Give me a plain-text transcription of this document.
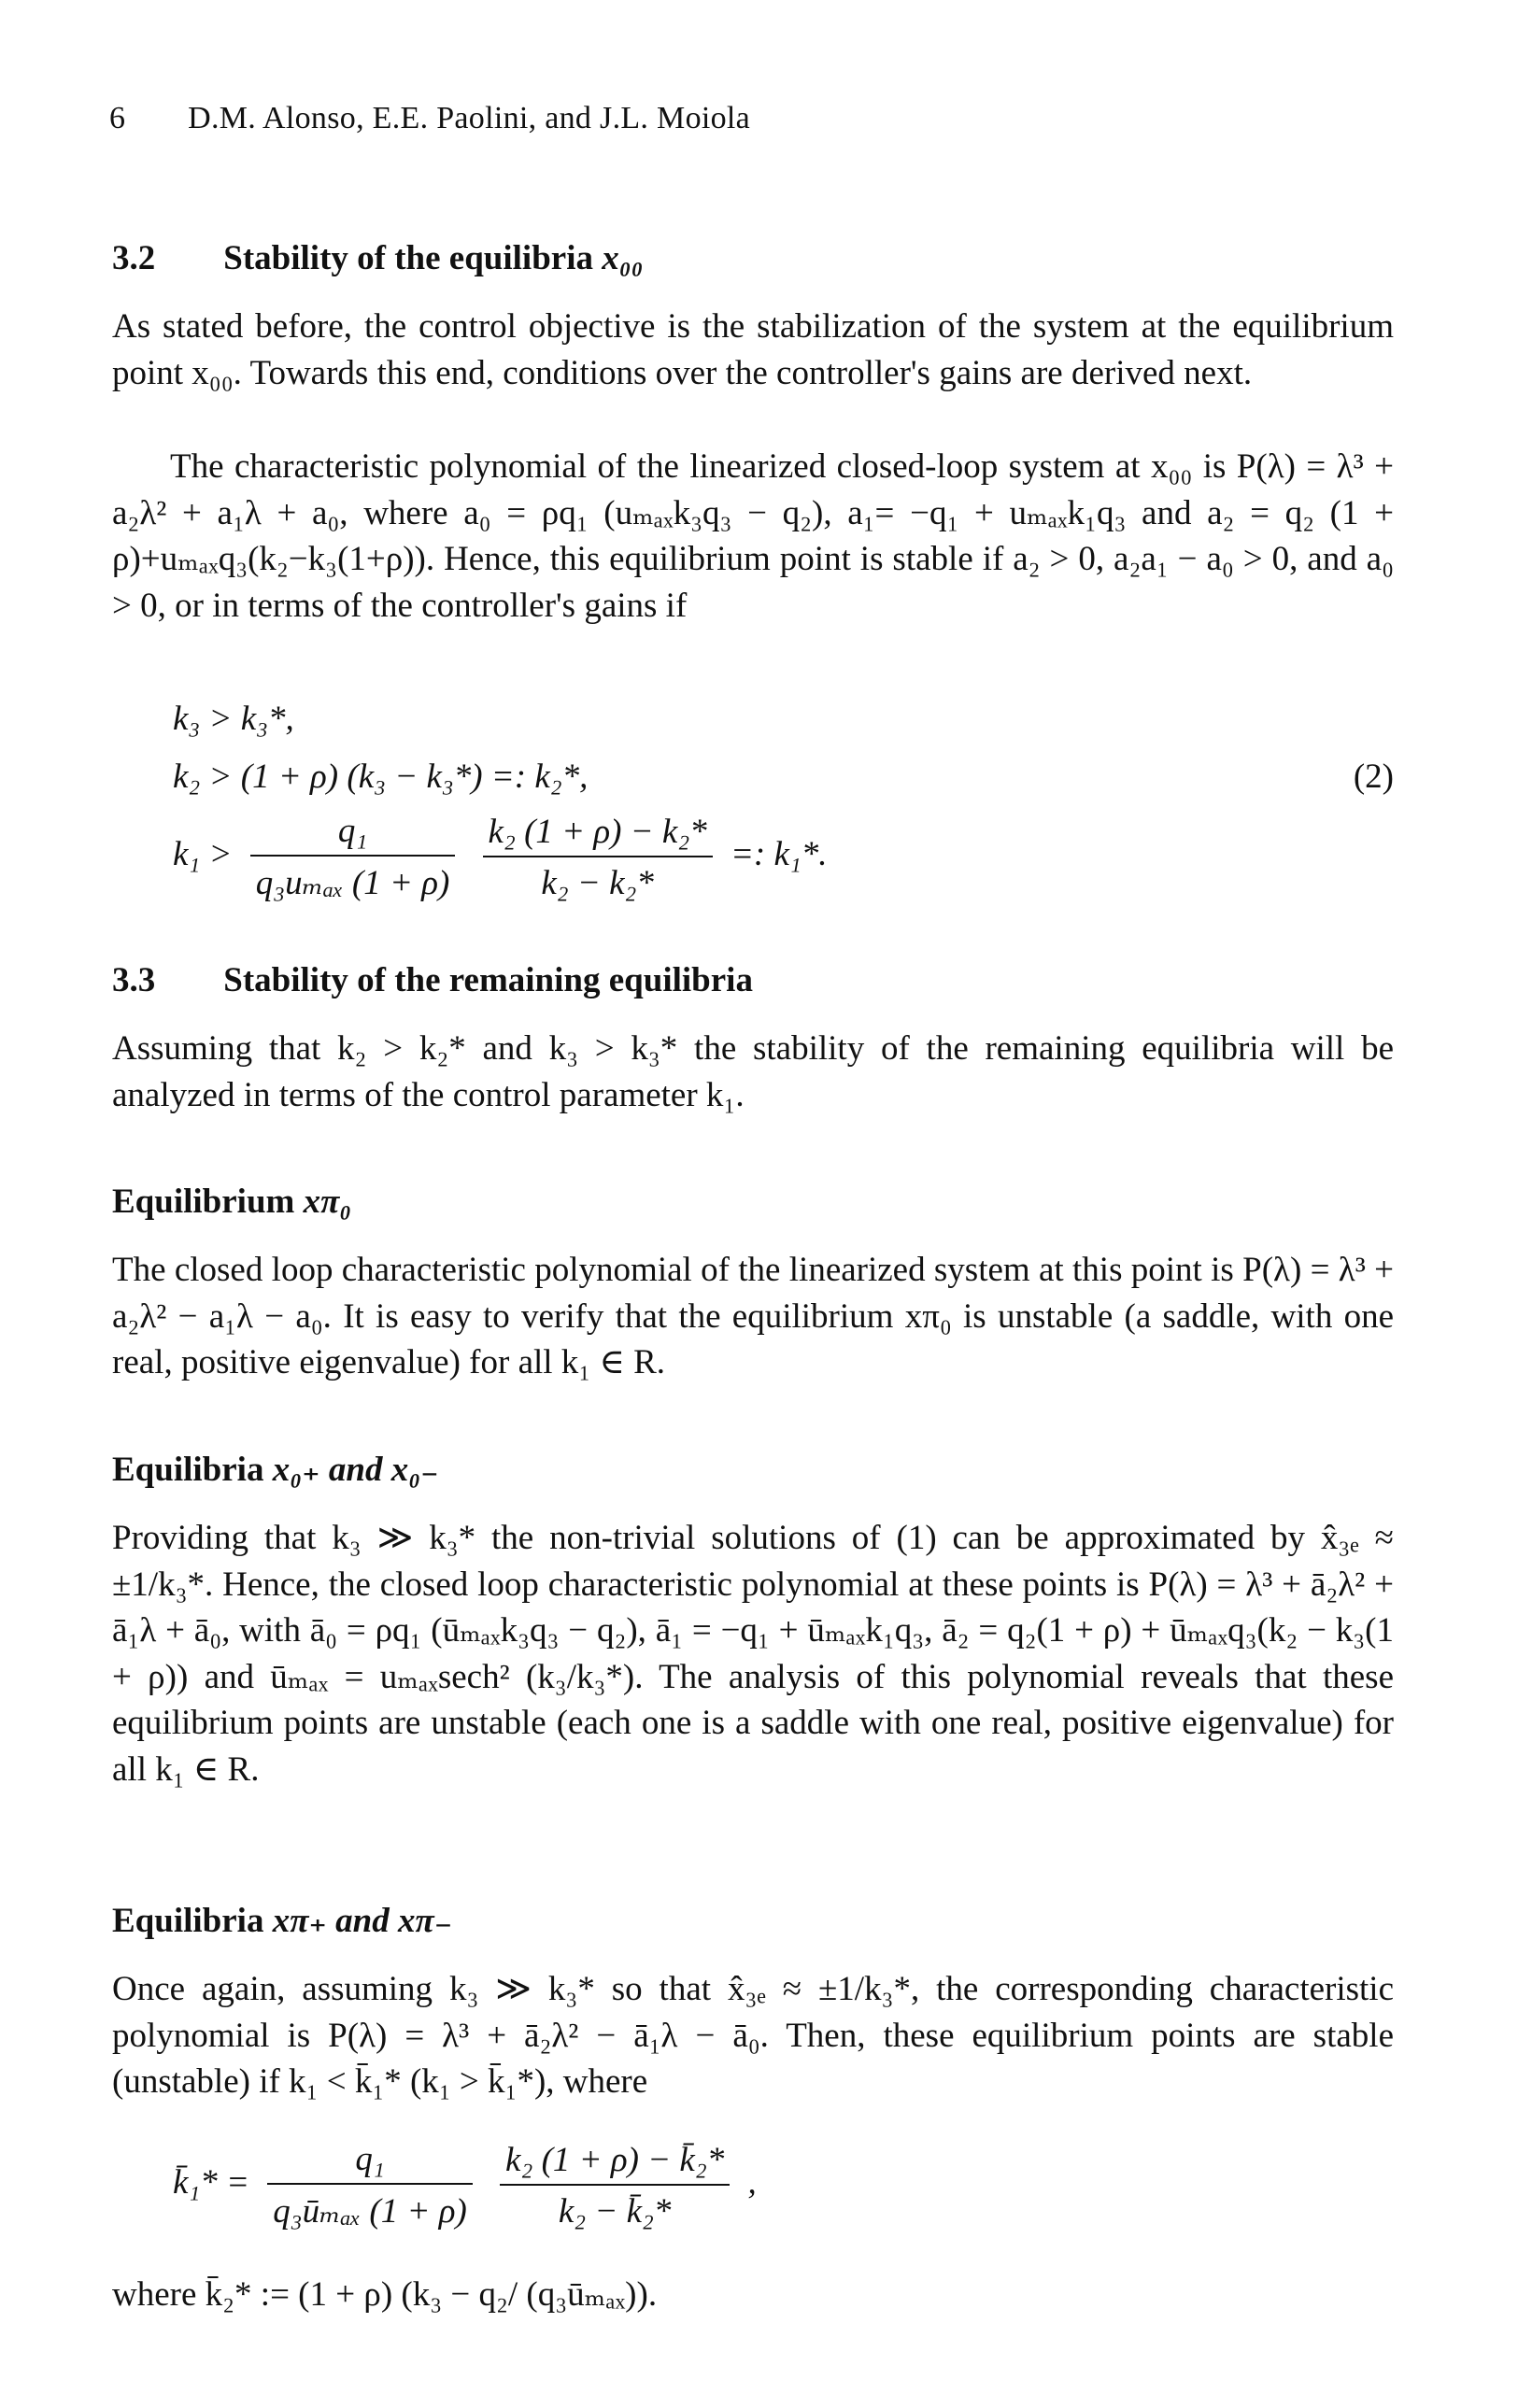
6 D.M. Alonso, E.E. Paolini, and J.L. Moiola
3.2 Stability of the equilibria x₀₀
As stated before, the control objective is the stabilization of the system at the equilibrium point x₀₀. Towards this end, conditions over the controller's gains are derived next.
The characteristic polynomial of the linearized closed-loop system at x₀₀ is P(λ) = λ³ + a₂λ² + a₁λ + a₀, where a₀ = ρq₁ (uₘₐₓk₃q₃ − q₂), a₁= −q₁ + uₘₐₓk₁q₃ and a₂ = q₂ (1 + ρ)+uₘₐₓq₃(k₂−k₃(1+ρ)). Hence, this equilibrium point is stable if a₂ > 0, a₂a₁ − a₀ > 0, and a₀ > 0, or in terms of the controller's gains if
k₃ > k₃*,
k₂ > (1 + ρ) (k₃ − k₃*) =: k₂*,
$k_1 > \frac{\text{q₁}}{\text{q₃uₘₐₓ (1 + ρ)}}$
$\frac{\text{k₂ (1 + ρ) − k₂*}}{\text{k₂ − k₂*}}$ =: k₁*.
(2)
3.3 Stability of the remaining equilibria
Assuming that k₂ > k₂* and k₃ > k₃* the stability of the remaining equilibria will be analyzed in terms of the control parameter k₁.
Equilibrium xπ₀
The closed loop characteristic polynomial of the linearized system at this point is P(λ) = λ³ + a₂λ² − a₁λ − a₀. It is easy to verify that the equilibrium xπ₀ is unstable (a saddle, with one real, positive eigenvalue) for all k₁ ∈ R.
Equilibria x₀₊ and x₀₋
Providing that k₃ ≫ k₃* the non-trivial solutions of (1) can be approximated by x̂₃ₑ ≈ ±1/k₃*. Hence, the closed loop characteristic polynomial at these points is P(λ) = λ³ + ā₂λ² + ā₁λ + ā₀, with ā₀ = ρq₁ (ūₘₐₓk₃q₃ − q₂), ā₁ = −q₁ + ūₘₐₓk₁q₃, ā₂ = q₂(1 + ρ) + ūₘₐₓq₃(k₂ − k₃(1 + ρ)) and ūₘₐₓ = uₘₐₓsech² (k₃/k₃*). The analysis of this polynomial reveals that these equilibrium points are unstable (each one is a saddle with one real, positive eigenvalue) for all k₁ ∈ R.
Equilibria xπ₊ and xπ₋
Once again, assuming k₃ ≫ k₃* so that x̂₃ₑ ≈ ±1/k₃*, the corresponding characteristic polynomial is P(λ) = λ³ + ā₂λ² − ā₁λ − ā₀. Then, these equilibrium points are stable (unstable) if k₁ < k̄₁* (k₁ > k̄₁*), where
k̄₁* = $\frac{\text{q₁}}{\text{q₃ūₘₐₓ (1 + ρ)}}$
$\frac{\text{k₂ (1 + ρ) − k̄₂*}}{\text{k₂ − k̄₂*}}$ ,
where k̄₂* := (1 + ρ) (k₃ − q₂/ (q₃ūₘₐₓ)).
